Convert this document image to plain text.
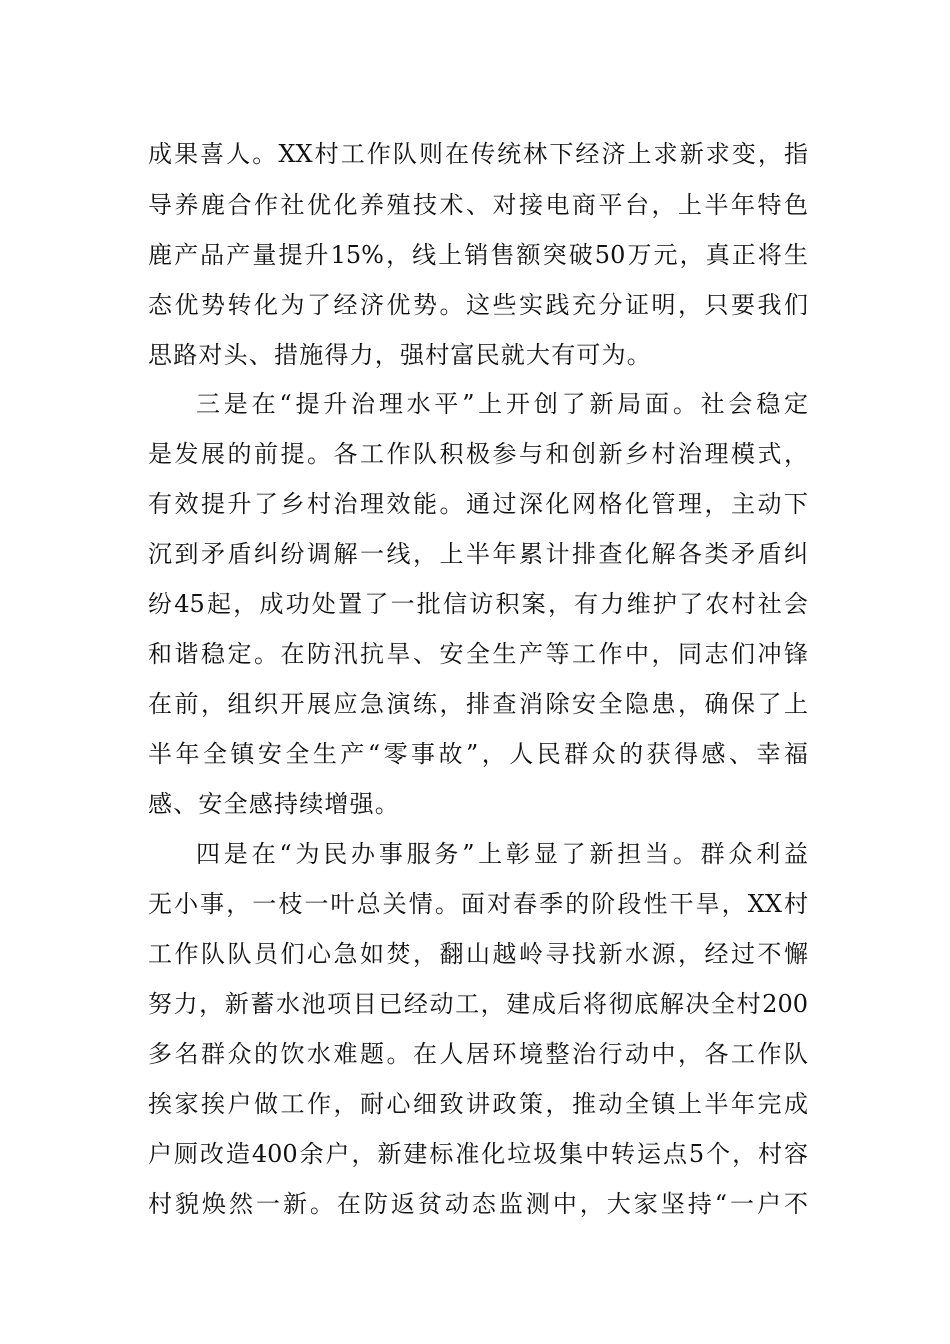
成果喜人。XX村工作队则在传统林下经济上求新求变，指
导养鹿合作社优化养殖技术、对接电商平台，上半年特色
鹿产品产量提升15%，线上销售额突破50万元，真正将生
态优势转化为了经济优势。这些实践充分证明，只要我们
思路对头、措施得力，强村富民就大有可为。
三是在“提升治理水平”上开创了新局面。社会稳定
是发展的前提。各工作队积极参与和创新乡村治理模式，
有效提升了乡村治理效能。通过深化网格化管理，主动下
沉到矛盾纠纷调解一线，上半年累计排查化解各类矛盾纠
纷45起，成功处置了一批信访积案，有力维护了农村社会
和谐稳定。在防汛抗旱、安全生产等工作中，同志们冲锋
在前，组织开展应急演练，排查消除安全隐患，确保了上
半年全镇安全生产“零事故”，人民群众的获得感、幸福
感、安全感持续增强。
四是在“为民办事服务”上彰显了新担当。群众利益
无小事，一枝一叶总关情。面对春季的阶段性干旱，XX村
工作队队员们心急如焚，翻山越岭寻找新水源，经过不懈
努力，新蓄水池项目已经动工，建成后将彻底解决全村200
多名群众的饮水难题。在人居环境整治行动中，各工作队
挨家挨户做工作，耐心细致讲政策，推动全镇上半年完成
户厕改造400余户，新建标准化垃圾集中转运点5个，村容
村貌焕然一新。在防返贫动态监测中，大家坚持“一户不
